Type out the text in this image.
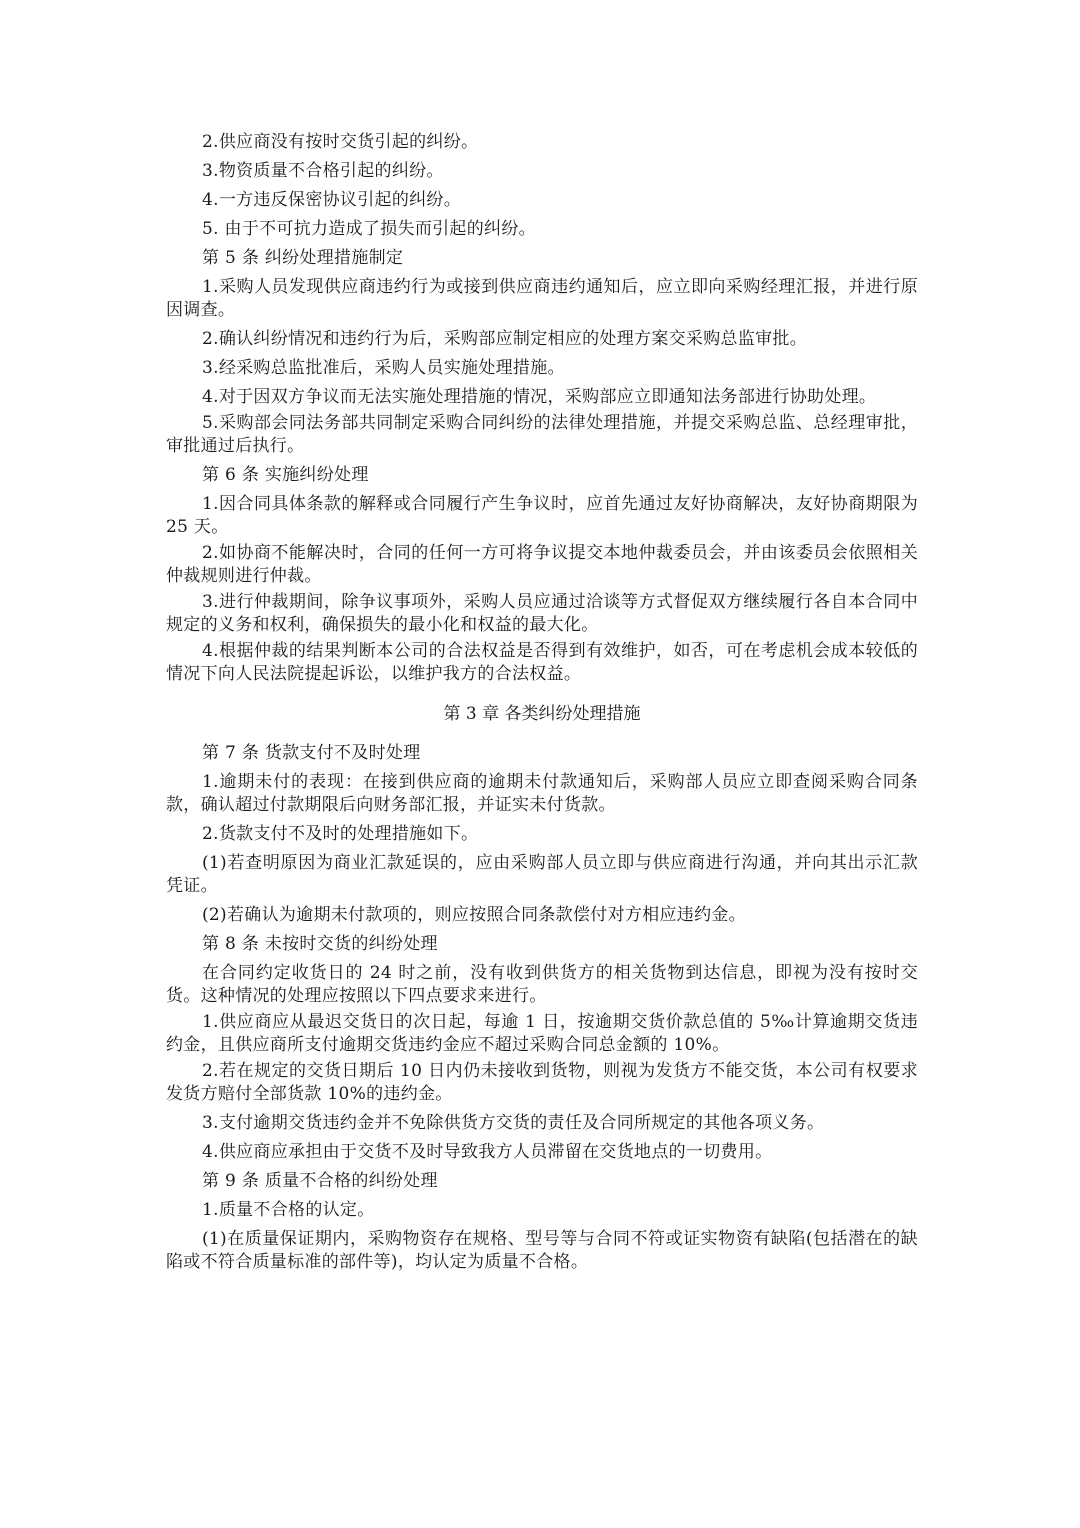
2.供应商没有按时交货引起的纠纷。
3.物资质量不合格引起的纠纷。
4.一方违反保密协议引起的纠纷。
5. 由于不可抗力造成了损失而引起的纠纷。
第 5 条 纠纷处理措施制定
1.采购人员发现供应商违约行为或接到供应商违约通知后，应立即向采购经理汇报，并进行原因调查。
2.确认纠纷情况和违约行为后，采购部应制定相应的处理方案交采购总监审批。
3.经采购总监批准后，采购人员实施处理措施。
4.对于因双方争议而无法实施处理措施的情况，采购部应立即通知法务部进行协助处理。
5.采购部会同法务部共同制定采购合同纠纷的法律处理措施，并提交采购总监、总经理审批，审批通过后执行。
第 6 条 实施纠纷处理
1.因合同具体条款的解释或合同履行产生争议时，应首先通过友好协商解决，友好协商期限为 25 天。
2.如协商不能解决时，合同的任何一方可将争议提交本地仲裁委员会，并由该委员会依照相关仲裁规则进行仲裁。
3.进行仲裁期间，除争议事项外，采购人员应通过洽谈等方式督促双方继续履行各自本合同中规定的义务和权利，确保损失的最小化和权益的最大化。
4.根据仲裁的结果判断本公司的合法权益是否得到有效维护，如否，可在考虑机会成本较低的情况下向人民法院提起诉讼，以维护我方的合法权益。
第 3 章 各类纠纷处理措施
第 7 条 货款支付不及时处理
1.逾期未付的表现：在接到供应商的逾期未付款通知后，采购部人员应立即查阅采购合同条款，确认超过付款期限后向财务部汇报，并证实未付货款。
2.货款支付不及时的处理措施如下。
(1)若查明原因为商业汇款延误的，应由采购部人员立即与供应商进行沟通，并向其出示汇款凭证。
(2)若确认为逾期未付款项的，则应按照合同条款偿付对方相应违约金。
第 8 条 未按时交货的纠纷处理
在合同约定收货日的 24 时之前，没有收到供货方的相关货物到达信息，即视为没有按时交货。这种情况的处理应按照以下四点要求来进行。
1.供应商应从最迟交货日的次日起，每逾 1 日，按逾期交货价款总值的 5‰计算逾期交货违约金，且供应商所支付逾期交货违约金应不超过采购合同总金额的 10%。
2.若在规定的交货日期后 10 日内仍未接收到货物，则视为发货方不能交货，本公司有权要求发货方赔付全部货款 10%的违约金。
3.支付逾期交货违约金并不免除供货方交货的责任及合同所规定的其他各项义务。
4.供应商应承担由于交货不及时导致我方人员滞留在交货地点的一切费用。
第 9 条 质量不合格的纠纷处理
1.质量不合格的认定。
(1)在质量保证期内，采购物资存在规格、型号等与合同不符或证实物资有缺陷(包括潜在的缺陷或不符合质量标准的部件等)，均认定为质量不合格。
